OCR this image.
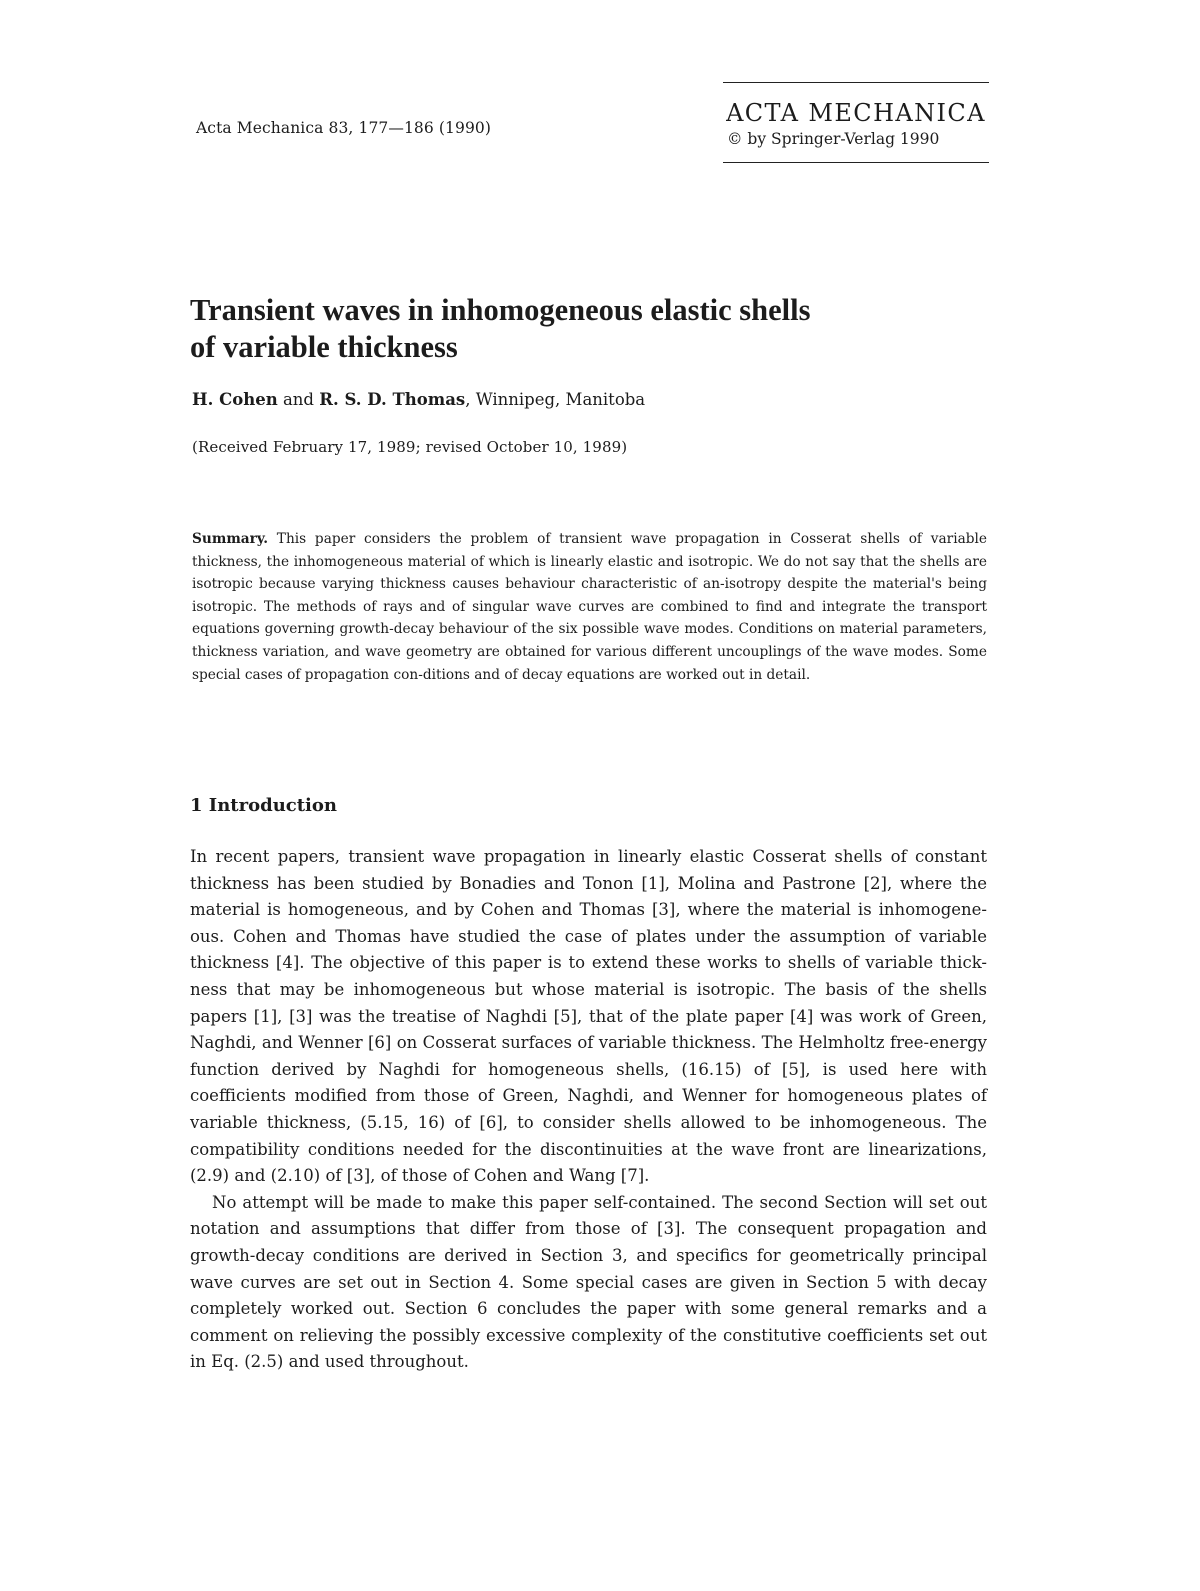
Acta Mechanica 83, 177—186 (1990)
ACTA MECHANICA
© by Springer-Verlag 1990
Transient waves in inhomogeneous elastic shells
of variable thickness
H. Cohen and R. S. D. Thomas, Winnipeg, Manitoba
(Received February 17, 1989; revised October 10, 1989)

Summary. This paper considers the problem of transient wave propagation in Cosserat shells of variable thickness, the inhomogeneous material of which is linearly elastic and isotropic. We do not say that the shells are isotropic because varying thickness causes behaviour characteristic of an-isotropy despite the material's being isotropic. The methods of rays and of singular wave curves are combined to find and integrate the transport equations governing growth-decay behaviour of the six possible wave modes. Conditions on material parameters, thickness variation, and wave geometry are obtained for various different uncouplings of the wave modes. Some special cases of propagation con-ditions and of decay equations are worked out in detail.

1 Introduction

In recent papers, transient wave propagation in linearly elastic Cosserat shells of constant thickness has been studied by Bonadies and Tonon [1], Molina and Pastrone [2], where the material is homogeneous, and by Cohen and Thomas [3], where the material is inhomogene-ous. Cohen and Thomas have studied the case of plates under the assumption of variable thickness [4]. The objective of this paper is to extend these works to shells of variable thick-ness that may be inhomogeneous but whose material is isotropic. The basis of the shells papers [1], [3] was the treatise of Naghdi [5], that of the plate paper [4] was work of Green, Naghdi, and Wenner [6] on Cosserat surfaces of variable thickness. The Helmholtz free-energy function derived by Naghdi for homogeneous shells, (16.15) of [5], is used here with coefficients modified from those of Green, Naghdi, and Wenner for homogeneous plates of variable thickness, (5.15, 16) of [6], to consider shells allowed to be inhomogeneous. The compatibility conditions needed for the discontinuities at the wave front are linearizations, (2.9) and (2.10) of [3], of those of Cohen and Wang [7].

No attempt will be made to make this paper self-contained. The second Section will set out notation and assumptions that differ from those of [3]. The consequent propagation and growth-decay conditions are derived in Section 3, and specifics for geometrically principal wave curves are set out in Section 4. Some special cases are given in Section 5 with decay completely worked out. Section 6 concludes the paper with some general remarks and a comment on relieving the possibly excessive complexity of the constitutive coefficients set out in Eq. (2.5) and used throughout.
